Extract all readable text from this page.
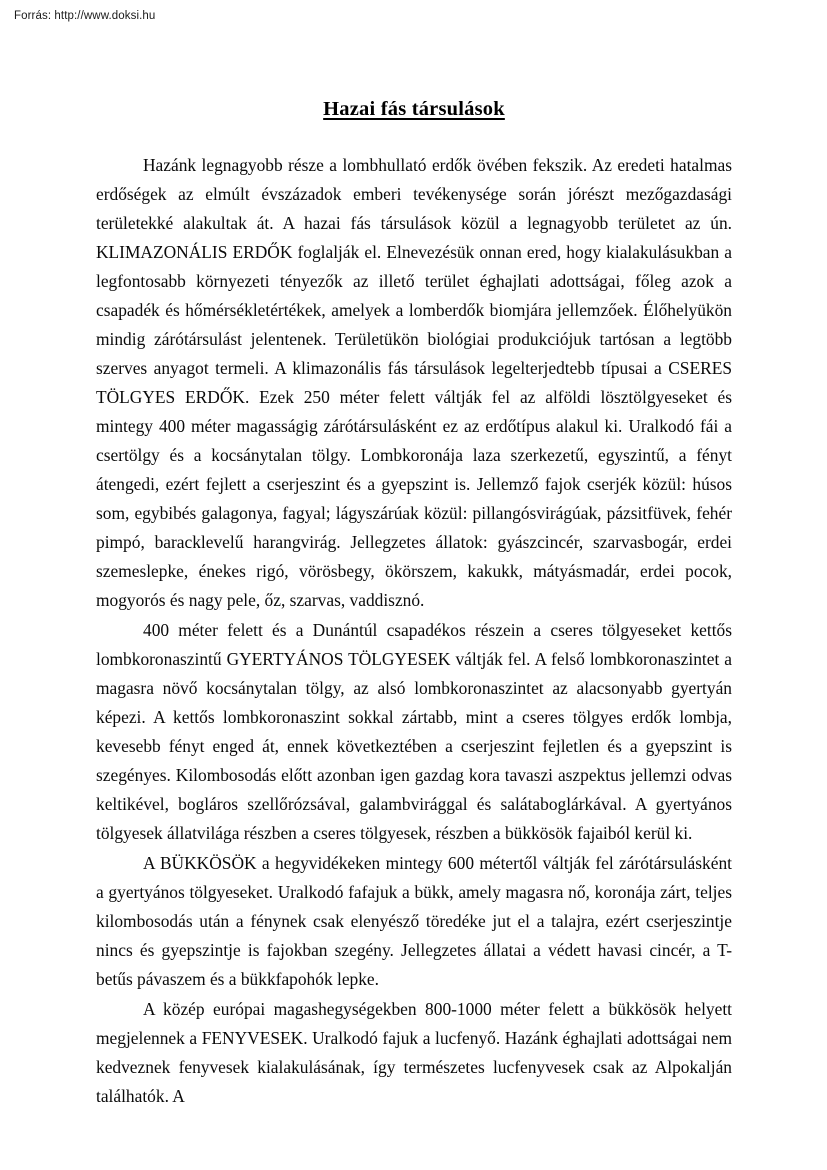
Forrás: http://www.doksi.hu
Hazai fás társulások

Hazánk legnagyobb része a lombhullató erdők övében fekszik. Az eredeti hatalmas erdőségek az elmúlt évszázadok emberi tevékenysége során jórészt mezőgazdasági területekké alakultak át. A hazai fás társulások közül a legnagyobb területet az ún. KLIMAZONÁLIS ERDŐK foglalják el. Elnevezésük onnan ered, hogy kialakulásukban a legfontosabb környezeti tényezők az illető terület éghajlati adottságai, főleg azok a csapadék és hőmérsékletértékek, amelyek a lomberdők biomjára jellemzőek. Élőhelyükön mindig zárótársulást jelentenek. Területükön biológiai produkciójuk tartósan a legtöbb szerves anyagot termeli. A klimazonális fás társulások legelterjedtebb típusai a CSERES TÖLGYES ERDŐK. Ezek 250 méter felett váltják fel az alföldi lösztölgyeseket és mintegy 400 méter magasságig zárótársulásként ez az erdőtípus alakul ki. Uralkodó fái a csertölgy és a kocsánytalan tölgy. Lombkoronája laza szerkezetű, egyszintű, a fényt átengedi, ezért fejlett a cserjeszint és a gyepszint is. Jellemző fajok cserjék közül: húsos som, egybibés galagonya, fagyal; lágyszárúak közül: pillangósvirágúak, pázsitfüvek, fehér pimpó, baracklevelű harangvirág. Jellegzetes állatok: gyászcincér, szarvasbogár, erdei szemeslepke, énekes rigó, vörösbegy, ökörszem, kakukk, mátyásmadár, erdei pocok, mogyorós és nagy pele, őz, szarvas, vaddisznó.

400 méter felett és a Dunántúl csapadékos részein a cseres tölgyeseket kettős lombkoronaszintű GYERTYÁNOS TÖLGYESEK váltják fel. A felső lombkoronaszintet a magasra növő kocsánytalan tölgy, az alsó lombkoronaszintet az alacsonyabb gyertyán képezi. A kettős lombkoronaszint sokkal zártabb, mint a cseres tölgyes erdők lombja, kevesebb fényt enged át, ennek következtében a cserjeszint fejletlen és a gyepszint is szegényes. Kilombosodás előtt azonban igen gazdag kora tavaszi aszpektus jellemzi odvas keltikével, bogláros szellőrózsával, galambvirággal és salátaboglárkával. A gyertyános tölgyesek állatvilága részben a cseres tölgyesek, részben a bükkösök fajaiból kerül ki.

A BÜKKÖSÖK a hegyvidékeken mintegy 600 métertől váltják fel zárótársulásként a gyertyános tölgyeseket. Uralkodó fafajuk a bükk, amely magasra nő, koronája zárt, teljes kilombosodás után a fénynek csak elenyésző töredéke jut el a talajra, ezért cserjeszintje nincs és gyepszintje is fajokban szegény. Jellegzetes állatai a védett havasi cincér, a T-betűs pávaszem és a bükkfapohók lepke.

A közép európai magashegységekben 800-1000 méter felett a bükkösök helyett megjelennek a FENYVESEK. Uralkodó fajuk a lucfenyő. Hazánk éghajlati adottságai nem kedveznek fenyvesek kialakulásának, így természetes lucfenyvesek csak az Alpokalján találhatók. A
